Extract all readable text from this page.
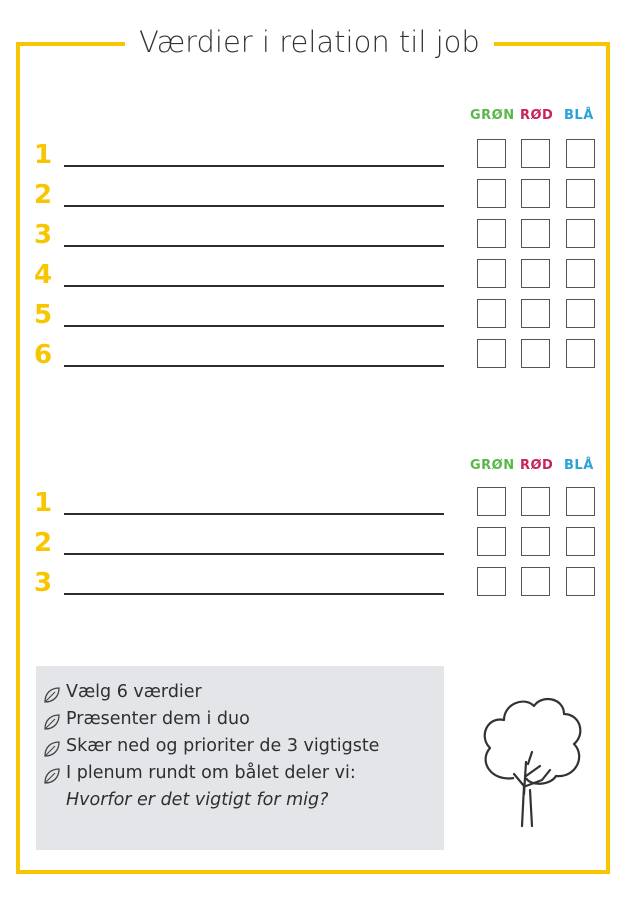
Værdier i relation til job
GRØN RØD BLÅ
1
2
3
4
5
6
GRØN RØD BLÅ
1
2
3
Vælg 6 værdier
Præsenter dem i duo
Skær ned og prioriter de 3 vigtigste
I plenum rundt om bålet deler vi:
Hvorfor er det vigtigt for mig?
